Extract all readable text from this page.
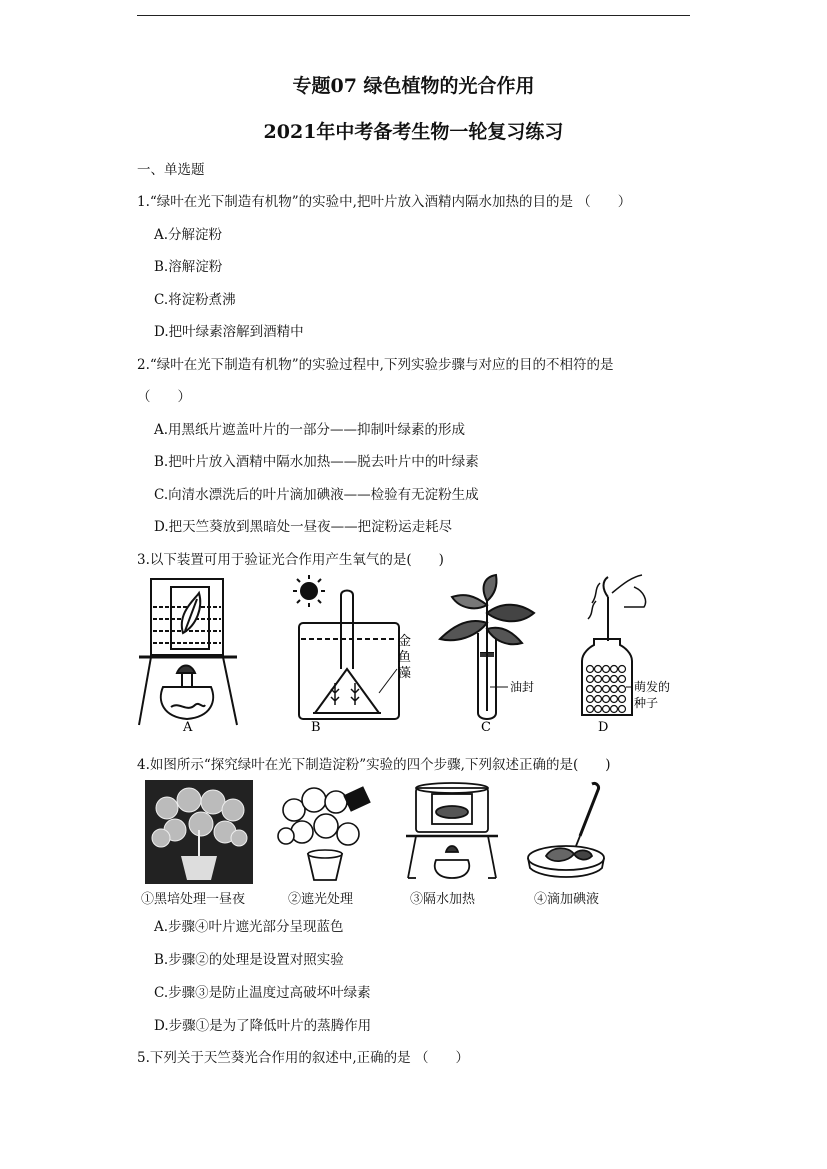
专题07 绿色植物的光合作用
2021年中考备考生物一轮复习练习
一、单选题
1.“绿叶在光下制造有机物”的实验中,把叶片放入酒精内隔水加热的目的是 （　　）
A.分解淀粉
B.溶解淀粉
C.将淀粉煮沸
D.把叶绿素溶解到酒精中
2.“绿叶在光下制造有机物”的实验过程中,下列实验步骤与对应的目的不相符的是
（　　）
A.用黑纸片遮盖叶片的一部分——抑制叶绿素的形成
B.把叶片放入酒精中隔水加热——脱去叶片中的叶绿素
C.向清水漂洗后的叶片滴加碘液——检验有无淀粉生成
D.把天竺葵放到黑暗处一昼夜——把淀粉运走耗尽
3.以下装置可用于验证光合作用产生氧气的是(　　)
A
金
鱼
藻
B
油封
C
萌发的
种子
D
4.如图所示“探究绿叶在光下制造淀粉”实验的四个步骤,下列叙述正确的是(　　)
①黑培处理一昼夜	②遮光处理	③隔水加热	④滴加碘液
A.步骤④叶片遮光部分呈现蓝色
B.步骤②的处理是设置对照实验
C.步骤③是防止温度过高破坏叶绿素
D.步骤①是为了降低叶片的蒸腾作用
5.下列关于天竺葵光合作用的叙述中,正确的是 （　　）
